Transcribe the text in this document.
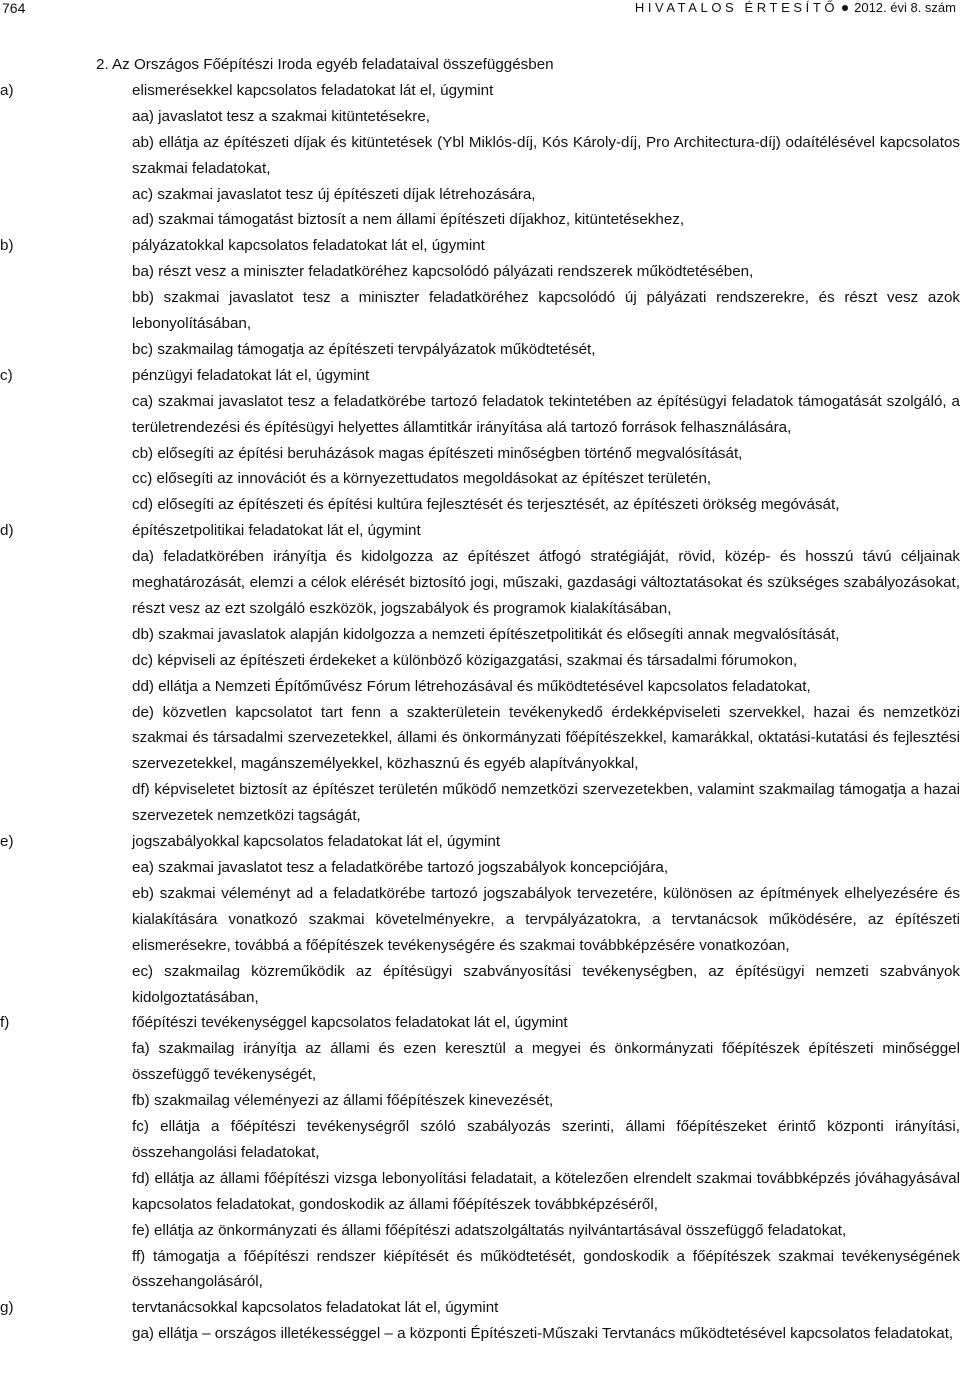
764	HIVATALOS ÉRTESÍTŐ 2012. évi 8. szám
2. Az Országos Főépítészi Iroda egyéb feladataival összefüggésben
a)	elismerésekkel kapcsolatos feladatokat lát el, úgymint
aa) javaslatot tesz a szakmai kitüntetésekre,
ab) ellátja az építészeti díjak és kitüntetések (Ybl Miklós-díj, Kós Károly-díj, Pro Architectura-díj) odaítélésével kapcsolatos szakmai feladatokat,
ac) szakmai javaslatot tesz új építészeti díjak létrehozására,
ad) szakmai támogatást biztosít a nem állami építészeti díjakhoz, kitüntetésekhez,
b)	pályázatokkal kapcsolatos feladatokat lát el, úgymint
ba) részt vesz a miniszter feladatköréhez kapcsolódó pályázati rendszerek működtetésében,
bb) szakmai javaslatot tesz a miniszter feladatköréhez kapcsolódó új pályázati rendszerekre, és részt vesz azok lebonyolításában,
bc) szakmailag támogatja az építészeti tervpályázatok működtetését,
c)	pénzügyi feladatokat lát el, úgymint
ca) szakmai javaslatot tesz a feladatkörébe tartozó feladatok tekintetében az építésügyi feladatok támogatását szolgáló, a területrendezési és építésügyi helyettes államtitkár irányítása alá tartozó források felhasználására,
cb) elősegíti az építési beruházások magas építészeti minőségben történő megvalósítását,
cc) elősegíti az innovációt és a környezettudatos megoldásokat az építészet területén,
cd) elősegíti az építészeti és építési kultúra fejlesztését és terjesztését, az építészeti örökség megóvását,
d)	építészetpolitikai feladatokat lát el, úgymint
da) feladatkörében irányítja és kidolgozza az építészet átfogó stratégiáját, rövid, közép- és hosszú távú céljainak meghatározását, elemzi a célok elérését biztosító jogi, műszaki, gazdasági változtatásokat és szükséges szabályozásokat, részt vesz az ezt szolgáló eszközök, jogszabályok és programok kialakításában,
db) szakmai javaslatok alapján kidolgozza a nemzeti építészetpolitikát és elősegíti annak megvalósítását,
dc) képviseli az építészeti érdekeket a különböző közigazgatási, szakmai és társadalmi fórumokon,
dd) ellátja a Nemzeti Építőművész Fórum létrehozásával és működtetésével kapcsolatos feladatokat,
de) közvetlen kapcsolatot tart fenn a szakterületein tevékenykedő érdekképviseleti szervekkel, hazai és nemzetközi szakmai és társadalmi szervezetekkel, állami és önkormányzati főépítészekkel, kamarákkal, oktatási-kutatási és fejlesztési szervezetekkel, magánszemélyekkel, közhasznú és egyéb alapítványokkal,
df) képviseletet biztosít az építészet területén működő nemzetközi szervezetekben, valamint szakmailag támogatja a hazai szervezetek nemzetközi tagságát,
e)	jogszabályokkal kapcsolatos feladatokat lát el, úgymint
ea) szakmai javaslatot tesz a feladatkörébe tartozó jogszabályok koncepciójára,
eb) szakmai véleményt ad a feladatkörébe tartozó jogszabályok tervezetére, különösen az építmények elhelyezésére és kialakítására vonatkozó szakmai követelményekre, a tervpályázatokra, a tervtanácsok működésére, az építészeti elismerésekre, továbbá a főépítészek tevékenységére és szakmai továbbképzésére vonatkozóan,
ec) szakmailag közreműködik az építésügyi szabványosítási tevékenységben, az építésügyi nemzeti szabványok kidolgoztatásában,
f)	főépítészi tevékenységgel kapcsolatos feladatokat lát el, úgymint
fa) szakmailag irányítja az állami és ezen keresztül a megyei és önkormányzati főépítészek építészeti minőséggel összefüggő tevékenységét,
fb) szakmailag véleményezi az állami főépítészek kinevezését,
fc) ellátja a főépítészi tevékenységről szóló szabályozás szerinti, állami főépítészeket érintő központi irányítási, összehangolási feladatokat,
fd) ellátja az állami főépítészi vizsga lebonyolítási feladatait, a kötelezően elrendelt szakmai továbbképzés jóváhagyásával kapcsolatos feladatokat, gondoskodik az állami főépítészek továbbképzéséről,
fe) ellátja az önkormányzati és állami főépítészi adatszolgáltatás nyilvántartásával összefüggő feladatokat,
ff) támogatja a főépítészi rendszer kiépítését és működtetését, gondoskodik a főépítészek szakmai tevékenységének összehangolásáról,
g)	tervtanácsokkal kapcsolatos feladatokat lát el, úgymint
ga) ellátja – országos illetékességgel – a központi Építészeti-Műszaki Tervtanács működtetésével kapcsolatos feladatokat,
